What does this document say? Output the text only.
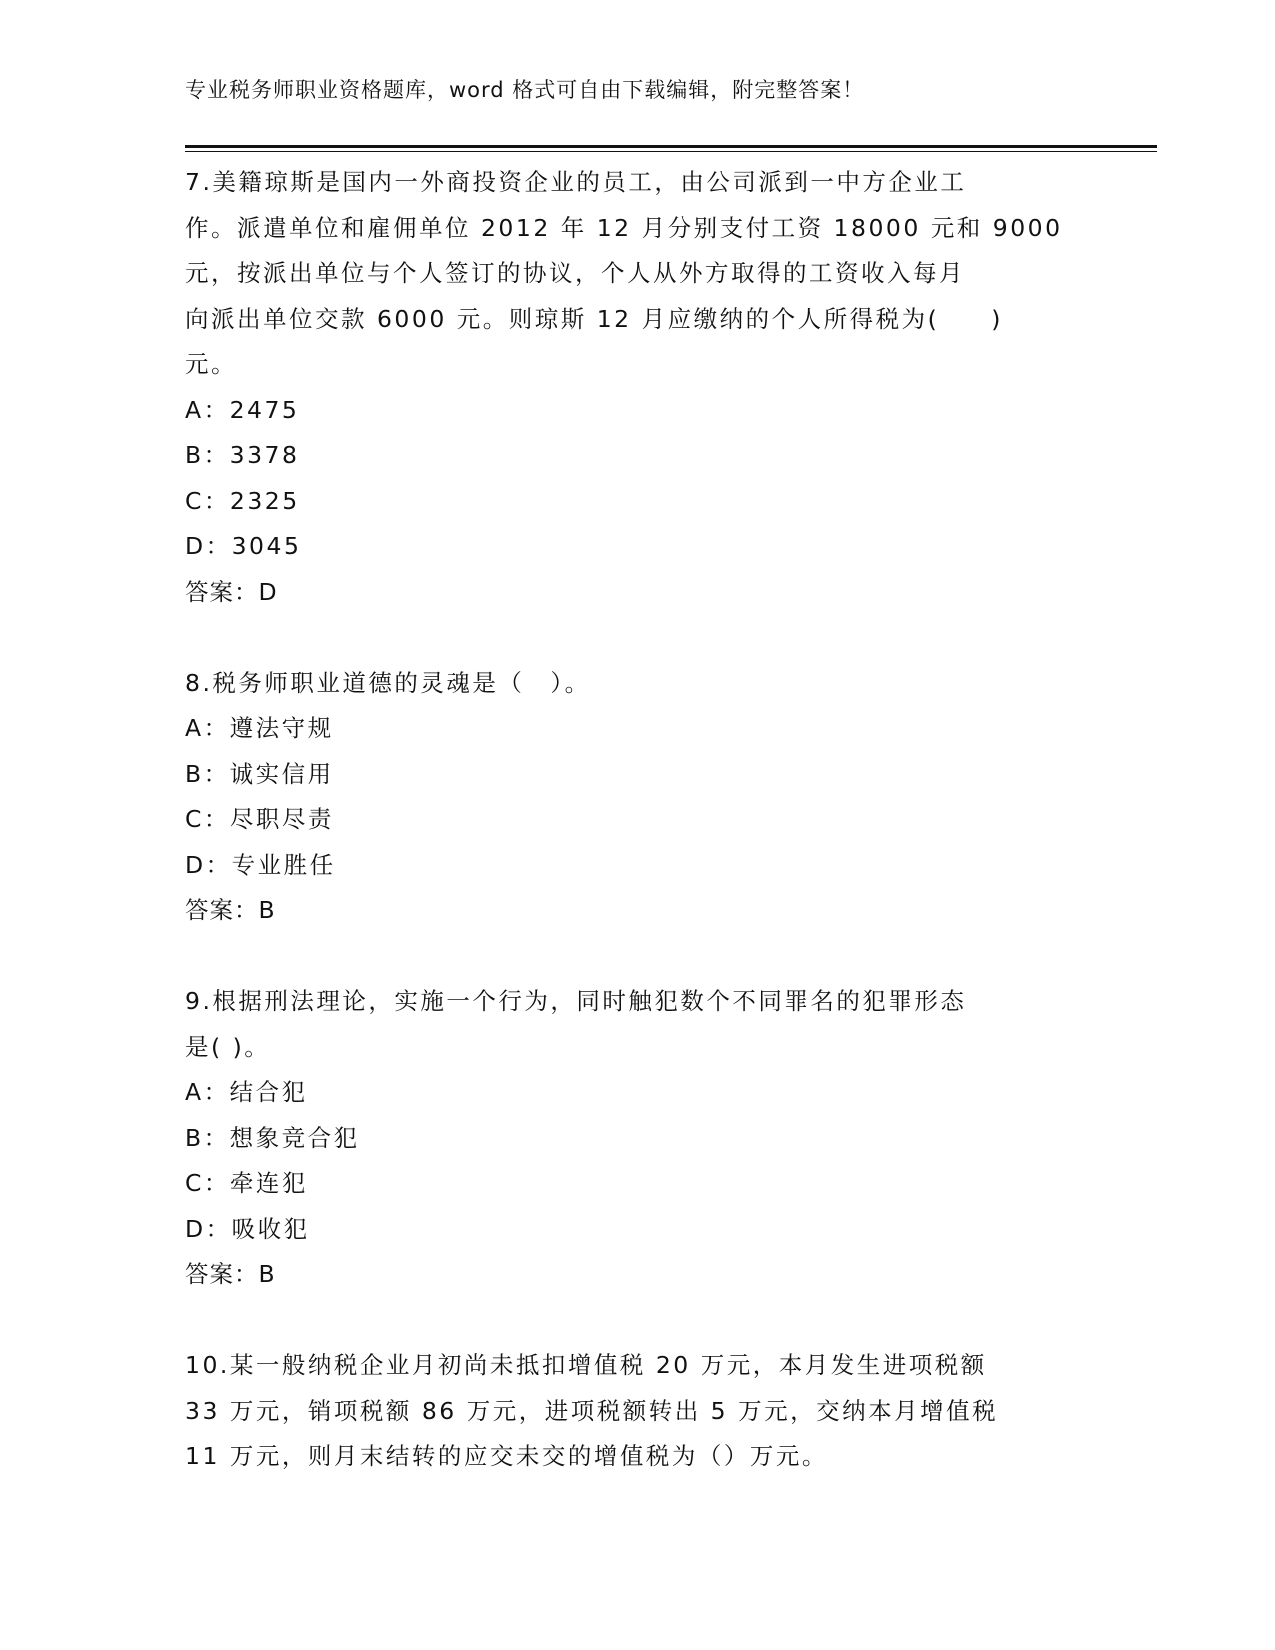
专业税务师职业资格题库，word 格式可自由下载编辑，附完整答案！
7.美籍琼斯是国内一外商投资企业的员工，由公司派到一中方企业工
作。派遣单位和雇佣单位 2012 年 12 月分别支付工资 18000 元和 9000
元，按派出单位与个人签订的协议，个人从外方取得的工资收入每月
向派出单位交款 6000 元。则琼斯 12 月应缴纳的个人所得税为(　　)
元。
A：2475
B：3378
C：2325
D：3045
答案：D
8.税务师职业道德的灵魂是（　）。
A：遵法守规
B：诚实信用
C：尽职尽责
D：专业胜任
答案：B
9.根据刑法理论，实施一个行为，同时触犯数个不同罪名的犯罪形态
是( )。
A：结合犯
B：想象竞合犯
C：牵连犯
D：吸收犯
答案：B
10.某一般纳税企业月初尚未抵扣增值税 20 万元，本月发生进项税额
33 万元，销项税额 86 万元，进项税额转出 5 万元，交纳本月增值税
11 万元，则月末结转的应交未交的增值税为（）万元。
